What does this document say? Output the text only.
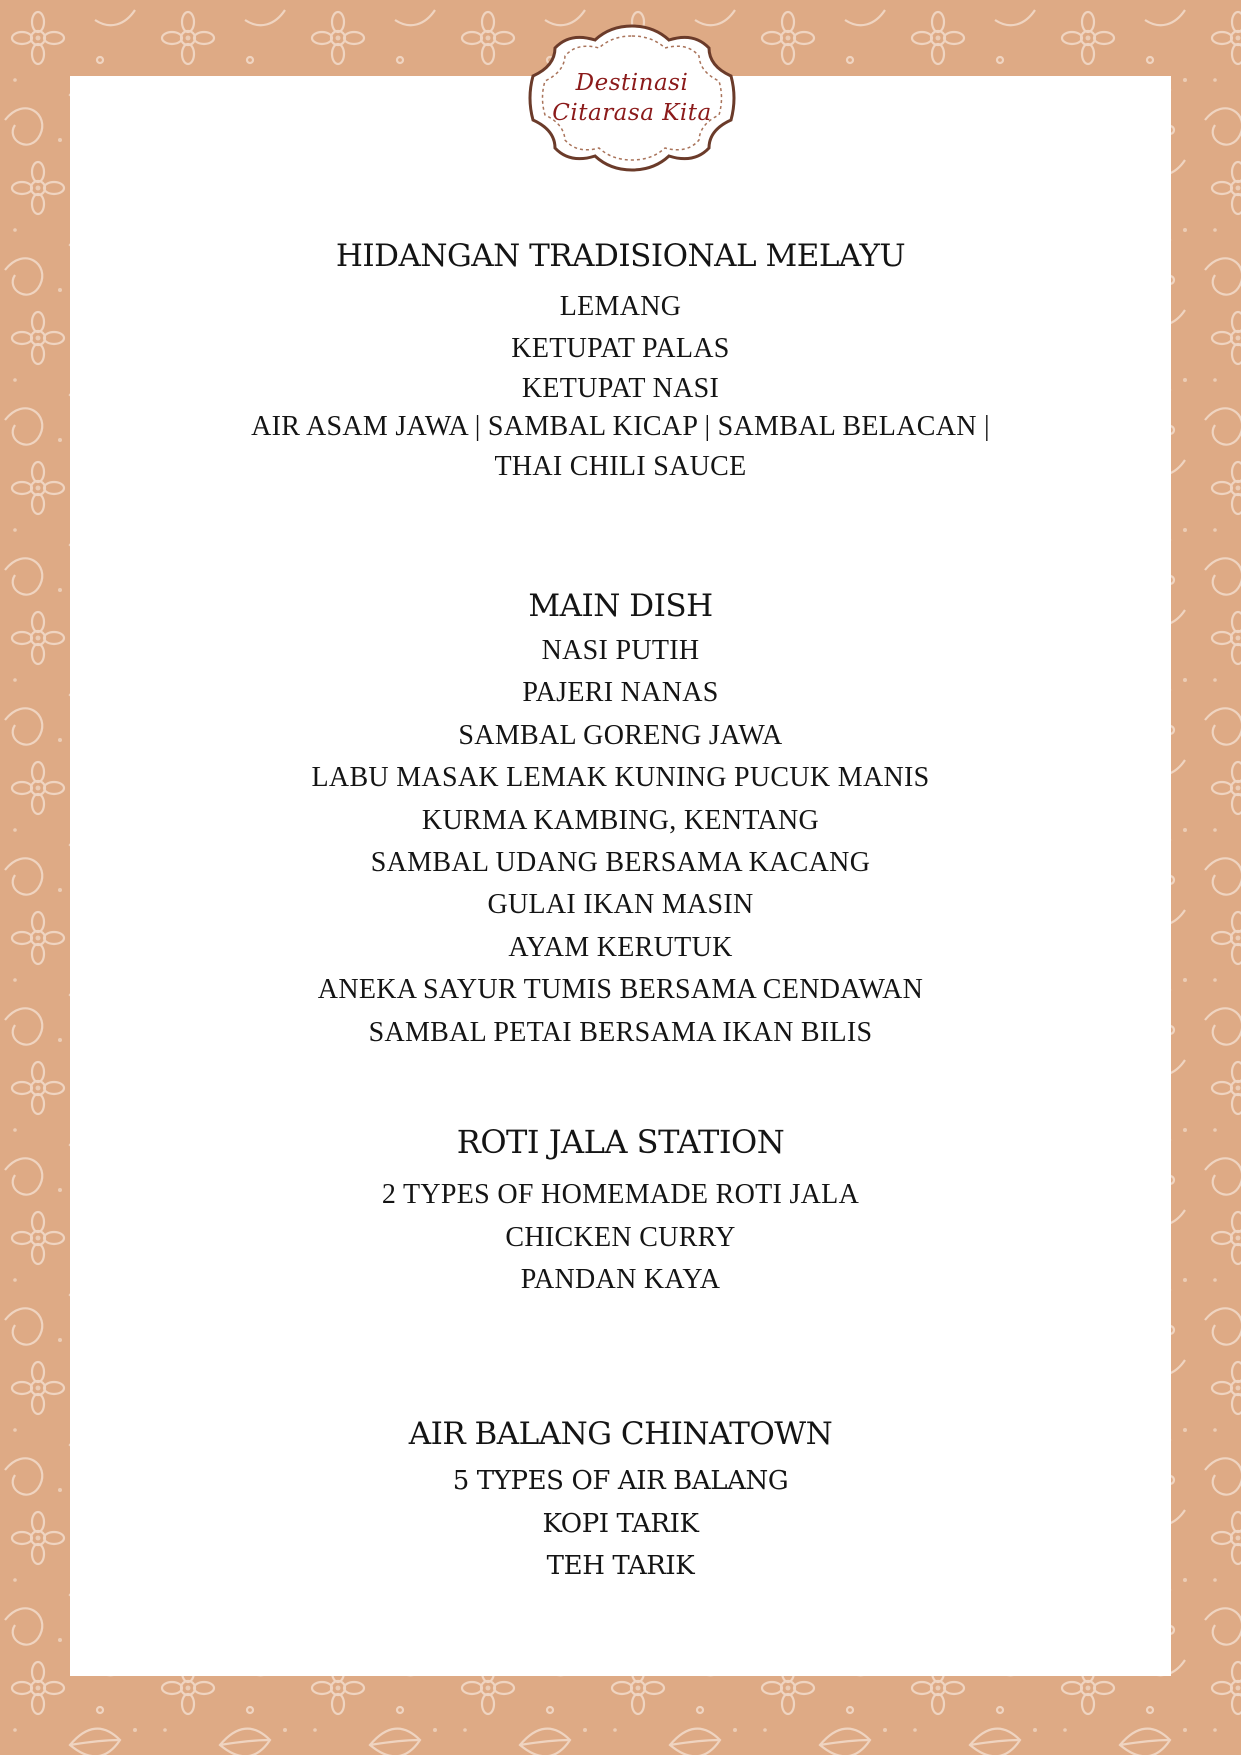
Destinasi
Citarasa Kita
HIDANGAN TRADISIONAL MELAYU
LEMANG
KETUPAT PALAS
KETUPAT NASI
AIR ASAM JAWA | SAMBAL KICAP | SAMBAL BELACAN |
THAI CHILI SAUCE
MAIN DISH
NASI PUTIH
PAJERI NANAS
SAMBAL GORENG JAWA
LABU MASAK LEMAK KUNING PUCUK MANIS
KURMA KAMBING, KENTANG
SAMBAL UDANG BERSAMA KACANG
GULAI IKAN MASIN
AYAM KERUTUK
ANEKA SAYUR TUMIS BERSAMA CENDAWAN
SAMBAL PETAI BERSAMA IKAN BILIS
ROTI JALA STATION
2 TYPES OF HOMEMADE ROTI JALA
CHICKEN CURRY
PANDAN KAYA
AIR BALANG CHINATOWN
5 TYPES OF AIR BALANG
KOPI TARIK
TEH TARIK
